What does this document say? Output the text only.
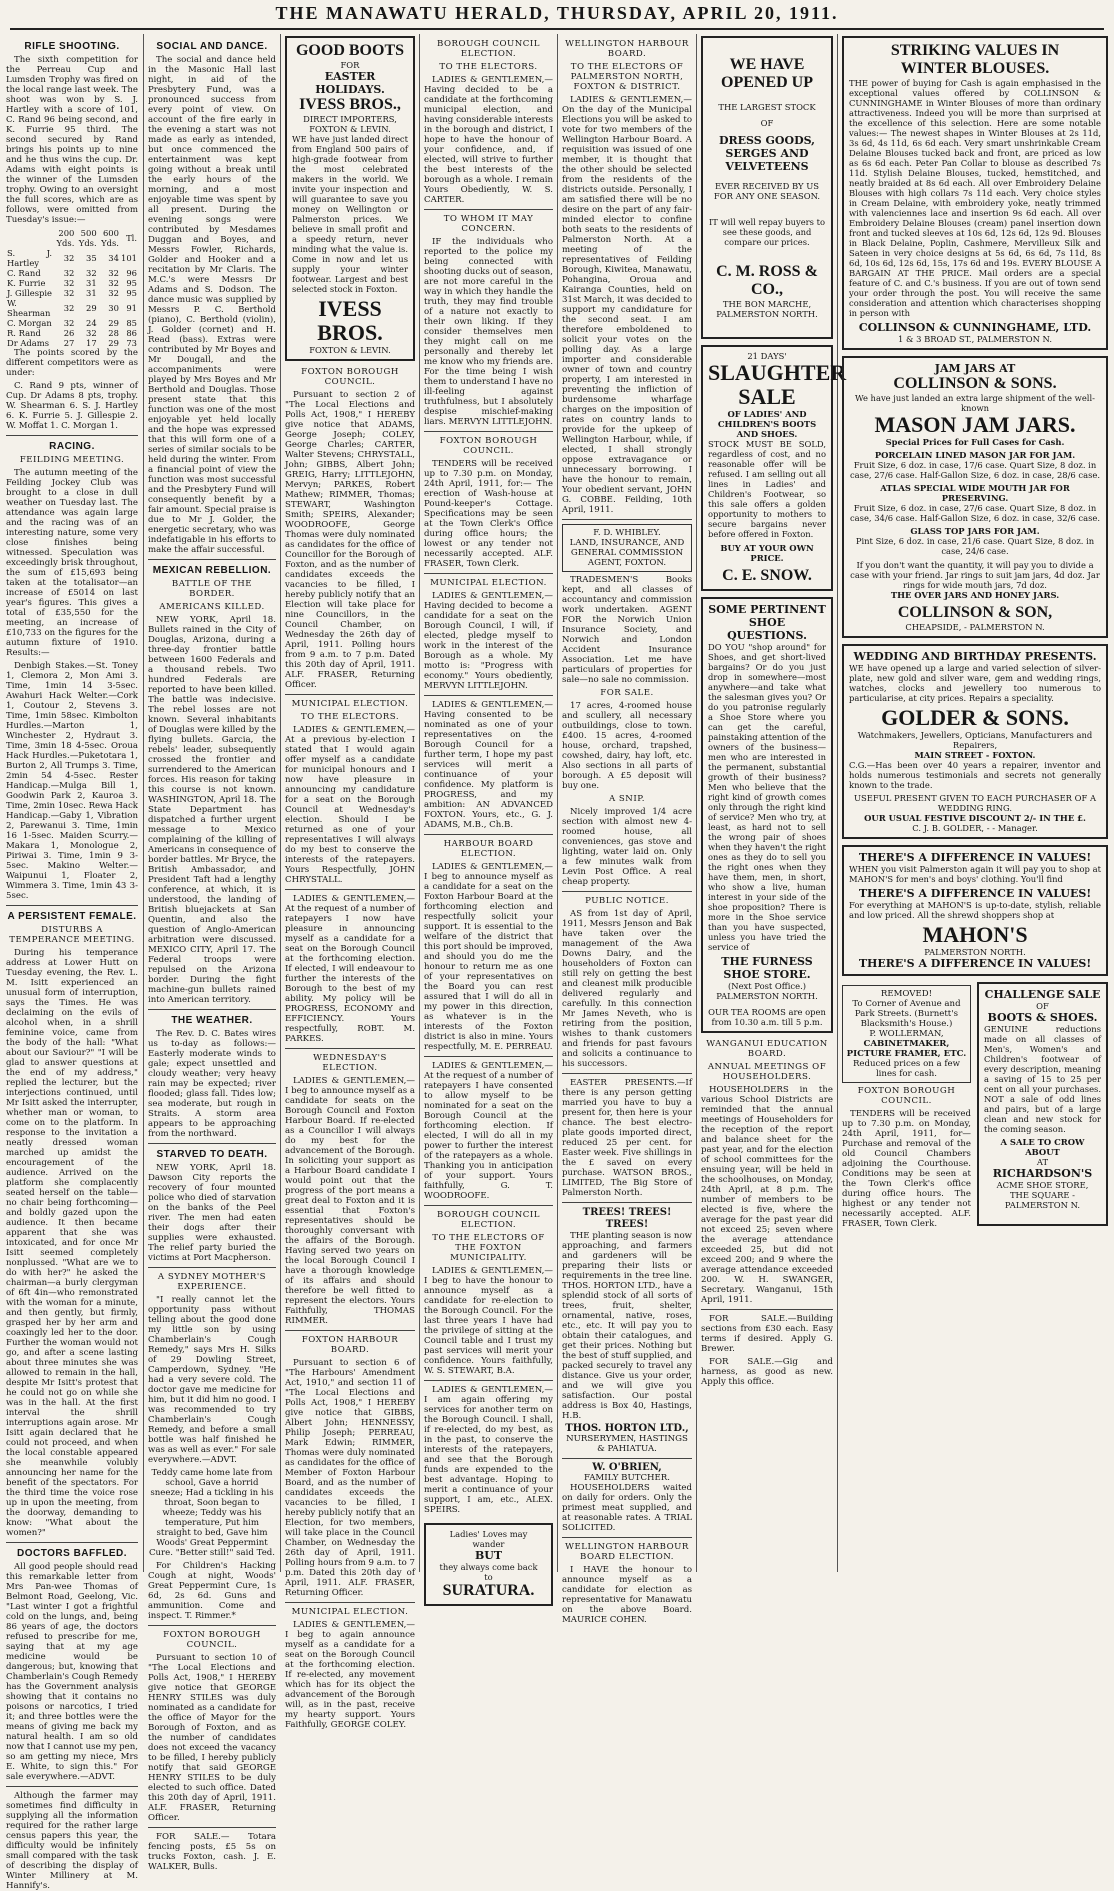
THE MANAWATU HERALD, THURSDAY, APRIL 20, 1911.
RIFLE SHOOTING.

The sixth competition for the Perreau Cup and Lumsden Trophy was fired on the local range last week. The shoot was won by S. J. Hartley with a score of 101, C. Rand 96 being second, and K. Furrie 95 third. The second secured by Rand brings his points up to nine and he thus wins the cup. Dr. Adams with eight points is the winner of the Lumsden trophy. Owing to an oversight the full scores, which are as follows, were omitted from Tuesday's issue:—

	200 Yds.	500 Yds.	600 Yds.	Tl.
S. J. Hartley	32	35	34	101
C. Rand	32	32	32	96
K. Furrie	32	31	32	95
J. Gillespie	32	31	32	95
W. Shearman	32	29	30	91
C. Morgan	32	24	29	85
R. Rand	26	32	28	86
Dr Adams	27	17	29	73

The points scored by the different competitors were as under:

C. Rand 9 pts, winner of Cup. Dr Adams 8 pts, trophy. W. Shearman 6. S. J. Hartley 6. K. Furrie 5. J. Gillespie 2. W. Moffat 1. C. Morgan 1.

RACING.
FEILDING MEETING.

The autumn meeting of the Feilding Jockey Club was brought to a close in dull weather on Tuesday last. The attendance was again large and the racing was of an interesting nature, some very close finishes being witnessed. Speculation was exceedingly brisk throughout, the sum of £15,693 being taken at the totalisator—an increase of £5014 on last year's figures. This gives a total of £35,550 for the meeting, an increase of £10,733 on the figures for the autumn fixture of 1910. Results:—

Denbigh Stakes.—St. Toney 1, Clemora 2, Mon Ami 3. Time, 1min 14 3-5sec. Awahuri Hack Welter.—Cork 1, Coutour 2, Stevens 3. Time, 1min 58sec. Kimbolton Hurdles.—Marton 1, Winchester 2, Hydraut 3. Time, 3min 18 4-5sec. Oroua Hack Hurdles.—Puketotara 1, Burton 2, All Trumps 3. Time, 2min 54 4-5sec. Rester Handicap.—Mulga Bill 1, Goodwin Park 2, Kauroa 3. Time, 2min 10sec. Rewa Hack Handicap.—Gaby 1, Vibration 2, Parewanui 3. Time, 1min 16 1-5sec. Maiden Scurry.—Makara 1, Monologue 2, Piriwai 3. Time, 1min 9 3-5sec. Makino Welter.—Waipunui 1, Floater 2, Wimmera 3. Time, 1min 43 3-5sec.

A PERSISTENT FEMALE.
DISTURBS A TEMPERANCE MEETING.

During his temperance address at Lower Hutt on Tuesday evening, the Rev. L. M. Isitt experienced an unusual form of interruption, says the Times. He was declaiming on the evils of alcohol when, in a shrill feminine voice, came from the body of the hall: "What about our Saviour?" "I will be glad to answer questions at the end of my address," replied the lecturer, but the interjections continued, until Mr Isitt asked the interrupter, whether man or woman, to come on to the platform. In response to the invitation a neatly dressed woman marched up amidst the encouragement of the audience. Arrived on the platform she complacently seated herself on the table—no chair being forthcoming—and boldly gazed upon the audience. It then became apparent that she was intoxicated, and for once Mr Isitt seemed completely nonplussed. "What are we to do with her?" he asked the chairman—a burly clergyman of 6ft 4in—who remonstrated with the woman for a minute, and then gently, but firmly, grasped her by her arm and coaxingly led her to the door. Further the woman would not go, and after a scene lasting about three minutes she was allowed to remain in the hall, despite Mr Isitt's protest that he could not go on while she was in the hall. At the first interval the shrill interruptions again arose. Mr Isitt again declared that he could not proceed, and when the local constable appeared she meanwhile volubly announcing her name for the benefit of the spectators. For the third time the voice rose up in upon the meeting, from the doorway, demanding to know: "What about the women?"

DOCTORS BAFFLED.

All good people should read this remarkable letter from Mrs Pan-wee Thomas of Belmont Road, Geelong, Vic. "Last winter I got a frightful cold on the lungs, and, being 86 years of age, the doctors refused to prescribe for me, saying that at my age medicine would be dangerous; but, knowing that Chamberlain's Cough Remedy has the Government analysis showing that it contains no poisons or narcotics, I tried it; and three bottles were the means of giving me back my natural health. I am so old now that I cannot use my pen, so am getting my niece, Mrs E. White, to sign this." For sale everywhere.—ADVT.

Although the farmer may sometimes find difficulty in supplying all the information required for the rather large census papers this year, the difficulty would be infinitely small compared with the task of describing the display of Winter Millinery at M. Hannify's.

SOCIAL AND DANCE.

The social and dance held in the Masonic Hall last night, in aid of the Presbytery Fund, was a pronounced success from every point of view. On account of the fire early in the evening a start was not made as early as intended, but once commenced the entertainment was kept going without a break until the early hours of the morning, and a most enjoyable time was spent by all present. During the evening songs were contributed by Mesdames Duggan and Boyes, and Messrs Fowler, Richards, Golder and Hooker and a recitation by Mr Claris. The M.C.'s were Messrs Dr Adams and S. Dodson. The dance music was supplied by Messrs P. C. Berthold (piano), C. Berthold (violin), J. Golder (cornet) and H. Read (bass). Extras were contributed by Mr Boyes and Mr Dougall, and the accompaniments were played by Mrs Boyes and Mr Berthold and Douglas. Those present state that this function was one of the most enjoyable yet held locally and the hope was expressed that this will form one of a series of similar socials to be held during the winter. From a financial point of view the function was most successful and the Presbytery Fund will consequently benefit by a fair amount. Special praise is due to Mr J. Golder, the energetic secretary, who was indefatigable in his efforts to make the affair successful.

MEXICAN REBELLION.
BATTLE OF THE BORDER.
AMERICANS KILLED.

NEW YORK, April 18. Bullets rained in the City of Douglas, Arizona, during a three-day frontier battle between 1600 Federals and a thousand rebels. Two hundred Federals are reported to have been killed. The battle was indecisive. The rebel losses are not known. Several inhabitants of Douglas were killed by the flying bullets. Garcia, the rebels' leader, subsequently crossed the frontier and surrendered to the American forces. His reason for taking this course is not known. WASHINGTON, April 18. The State Department has dispatched a further urgent message to Mexico complaining of the killing of Americans in consequence of border battles. Mr Bryce, the British Ambassador, and President Taft had a lengthy conference, at which, it is understood, the landing of British bluejackets at San Quentin, and also the question of Anglo-American arbitration were discussed. MEXICO CITY, April 17. The Federal troops were repulsed on the Arizona border. During the fight machine-gun bullets rained into American territory.

THE WEATHER.

The Rev. D. C. Bates wires us to-day as follows:— Easterly moderate winds to gale; expect unsettled and cloudy weather; very heavy rain may be expected; river flooded; glass fall. Tides low; sea moderate, but rough in Straits. A storm area appears to be approaching from the northward.

STARVED TO DEATH.

NEW YORK, April 18. Dawson City reports the recovery of four mounted police who died of starvation on the banks of the Peel river. The men had eaten their dogs after their supplies were exhausted. The relief party buried the victims at Port Macpherson.

A SYDNEY MOTHER'S EXPERIENCE.

"I really cannot let the opportunity pass without telling about the good done my little son by using Chamberlain's Cough Remedy," says Mrs H. Silks of 29 Dowling Street, Camperdown, Sydney. "He had a very severe cold. The doctor gave me medicine for him, but it did him no good. I was recommended to try Chamberlain's Cough Remedy, and before a small bottle was half finished he was as well as ever." For sale everywhere.—ADVT.

Teddy came home late from school, Gave a horrid sneeze; Had a tickling in his throat, Soon began to wheeze; Teddy was his temperature, Put him straight to bed, Gave him Woods' Great Peppermint Cure. "Better still!" said Ted.

For Children's Hacking Cough at night, Woods' Great Peppermint Cure, 1s 6d, 2s 6d. Guns and ammunition. Come and inspect. T. Rimmer.*

FOXTON BOROUGH COUNCIL.

Pursuant to section 10 of "The Local Elections and Polls Act, 1908," I HEREBY give notice that GEORGE HENRY STILES was duly nominated as a candidate for the office of Mayor for the Borough of Foxton, and as the number of candidates does not exceed the vacancy to be filled, I hereby publicly notify that said GEORGE HENRY STILES to be duly elected to such office. Dated this 20th day of April, 1911. ALF. FRASER, Returning Officer.

FOR SALE.— Totara fencing posts, £5 5s on trucks Foxton, cash. J. E. WALKER, Bulls.

GOOD BOOTS
FOR
EASTER HOLIDAYS.
IVESS BROS.,
DIRECT IMPORTERS, FOXTON & LEVIN.

WE have just landed direct from England 500 pairs of high-grade footwear from the most celebrated makers in the world. We invite your inspection and will guarantee to save you money on Wellington or Palmerston prices. We believe in small profit and a speedy return, never minding what the value is. Come in now and let us supply your winter footwear. Largest and best selected stock in Foxton.

IVESS BROS.
FOXTON & LEVIN.
FOXTON BOROUGH COUNCIL.

Pursuant to section 2 of "The Local Elections and Polls Act, 1908," I HEREBY give notice that ADAMS, George Joseph; COLEY, George Charles; CARTER, Walter Stevens; CHRYSTALL, John; GIBBS, Albert John; GREIG, Harry; LITTLEJOHN, Mervyn; PARKES, Robert Mathew; RIMMER, Thomas; STEWART, Washington Smith; SPEIRS, Alexander; WOODROOFE, George Thomas were duly nominated as candidates for the office of Councillor for the Borough of Foxton, and as the number of candidates exceeds the vacancies to be filled, I hereby publicly notify that an Election will take place for nine Councillors, in the Council Chamber, on Wednesday the 26th day of April, 1911. Polling hours from 9 a.m. to 7 p.m. Dated this 20th day of April, 1911. ALF. FRASER, Returning Officer.

MUNICIPAL ELECTION.
TO THE ELECTORS.

LADIES & GENTLEMEN,— At a previous by-election I stated that I would again offer myself as a candidate for municipal honours and I now have pleasure in announcing my candidature for a seat on the Borough Council at Wednesday's election. Should I be returned as one of your representatives I will always do my best to conserve the interests of the ratepayers. Yours Respectfully, JOHN CHRYSTALL.

LADIES & GENTLEMEN,— At the request of a number of ratepayers I now have pleasure in announcing myself as a candidate for a seat on the Borough Council at the forthcoming election. If elected, I will endeavour to further the interests of the Borough to the best of my ability. My policy will be PROGRESS, ECONOMY and EFFICIENCY. Yours respectfully, ROBT. M. PARKES.

WEDNESDAY'S ELECTION.

LADIES & GENTLEMEN,— I beg to announce myself as a candidate for seats on the Borough Council and Foxton Harbour Board. If re-elected as a Councillor I will always do my best for the advancement of the Borough. In soliciting your support as a Harbour Board candidate I would point out that the progress of the port means a great deal to Foxton and it is essential that Foxton's representatives should be thoroughly conversant with the affairs of the Borough. Having served two years on the local Borough Council I have a thorough knowledge of its affairs and should therefore be well fitted to represent the electors. Yours Faithfully, THOMAS RIMMER.

FOXTON HARBOUR BOARD.

Pursuant to section 6 of "The Harbours' Amendment Act, 1910," and section 11 of "The Local Elections and Polls Act, 1908," I HEREBY give notice that GIBBS, Albert John; HENNESSY, Philip Joseph; PERREAU, Mark Edwin; RIMMER, Thomas were duly nominated as candidates for the office of Member of Foxton Harbour Board, and as the number of candidates exceeds the vacancies to be filled, I hereby publicly notify that an Election, for two members, will take place in the Council Chamber, on Wednesday the 26th day of April, 1911. Polling hours from 9 a.m. to 7 p.m. Dated this 20th day of April, 1911. ALF. FRASER, Returning Officer.

MUNICIPAL ELECTION.

LADIES & GENTLEMEN,— I beg to again announce myself as a candidate for a seat on the Borough Council at the forthcoming election. If re-elected, any movement which has for its object the advancement of the Borough will, as in the past, receive my hearty support. Yours Faithfully, GEORGE COLEY.

BOROUGH COUNCIL ELECTION.
TO THE ELECTORS.

LADIES & GENTLEMEN,— Having decided to be a candidate at the forthcoming municipal election, and having considerable interests in the borough and district, I hope to have the honour of your confidence, and, if elected, will strive to further the best interests of the borough as a whole. I remain Yours Obediently, W. S. CARTER.

TO WHOM IT MAY CONCERN.

IF the individuals who reported to the police my being connected with shooting ducks out of season, are not more careful in the way in which they handle the truth, they may find trouble of a nature not exactly to their own liking. If they consider themselves men they might call on me personally and thereby let me know who my friends are. For the time being I wish them to understand I have no ill-feeling against truthfulness, but I absolutely despise mischief-making liars. MERVYN LITTLEJOHN.

FOXTON BOROUGH COUNCIL.

TENDERS will be received up to 7.30 p.m. on Monday, 24th April, 1911, for:— The erection of Wash-house at Pound-keeper's Cottage. Specifications may be seen at the Town Clerk's Office during office hours; the lowest or any tender not necessarily accepted. ALF. FRASER, Town Clerk.

MUNICIPAL ELECTION.

LADIES & GENTLEMEN,— Having decided to become a candidate for a seat on the Borough Council, I will, if elected, pledge myself to work in the interest of the Borough as a whole. My motto is: "Progress with economy." Yours obediently, MERVYN LITTLEJOHN.

LADIES & GENTLEMEN,— Having consented to be nominated as one of your representatives on the Borough Council for a further term, I hope my past services will merit a continuance of your confidence. My platform is PROGRESS, and my ambition: AN ADVANCED FOXTON. Yours, etc., G. J. ADAMS, M.B., Ch.B.

HARBOUR BOARD ELECTION.

LADIES & GENTLEMEN,— I beg to announce myself as a candidate for a seat on the Foxton Harbour Board at the forthcoming election and respectfully solicit your support. It is essential to the welfare of the district that this port should be improved, and should you do me the honour to return me as one of your representatives on the Board you can rest assured that I will do all in my power in this direction, as whatever is in the interests of the Foxton district is also in mine. Yours respectfully, M. E. PERREAU.

LADIES & GENTLEMEN,— At the request of a number of ratepayers I have consented to allow myself to be nominated for a seat on the Borough Council at the forthcoming election. If elected, I will do all in my power to further the interest of the ratepayers as a whole. Thanking you in anticipation of your support. Yours faithfully, G. T. WOODROOFE.

BOROUGH COUNCIL ELECTION.
TO THE ELECTORS OF THE FOXTON MUNICIPALITY.

LADIES & GENTLEMEN,— I beg to have the honour to announce myself as a candidate for re-election to the Borough Council. For the last three years I have had the privilege of sitting at the Council table and I trust my past services will merit your confidence. Yours faithfully, W. S. STEWART, B.A.

LADIES & GENTLEMEN,— I am again offering my services for another term on the Borough Council. I shall, if re-elected, do my best, as in the past, to conserve the interests of the ratepayers, and see that the Borough funds are expended to the best advantage. Hoping to merit a continuance of your support, I am, etc., ALEX. SPEIRS.

Ladies' Loves may
wander
BUT
they always come back
to
SURATURA.
WELLINGTON HARBOUR BOARD.
TO THE ELECTORS OF PALMERSTON NORTH, FOXTON & DISTRICT.

LADIES & GENTLEMEN,— On the day of the Municipal Elections you will be asked to vote for two members of the Wellington Harbour Board. A requisition was issued of one member, it is thought that the other should be selected from the residents of the districts outside. Personally, I am satisfied there will be no desire on the part of any fair-minded elector to confine both seats to the residents of Palmerston North. At a meeting of the representatives of Feilding Borough, Kiwitea, Manawatu, Pohangina, Oroua and Kairanga Counties, held on 31st March, it was decided to support my candidature for the second seat. I am therefore emboldened to solicit your votes on the polling day. As a large importer and considerable owner of town and country property, I am interested in preventing the infliction of burdensome wharfage charges on the imposition of rates on country lands to provide for the upkeep of Wellington Harbour, while, if elected, I shall strongly oppose extravagance or unnecessary borrowing. I have the honour to remain, Your obedient servant, JOHN G. COBBE. Feilding, 10th April, 1911.

F. D. WHIBLEY.
LAND, INSURANCE, AND GENERAL COMMISSION AGENT, FOXTON.

TRADESMEN'S Books kept, and all classes of accountancy and commission work undertaken. AGENT FOR the Norwich Union Insurance Society, and Norwich and London Accident Insurance Association. Let me have particulars of properties for sale—no sale no commission.

FOR SALE.

17 acres, 4-roomed house and scullery, all necessary outbuildings, close to town. £400. 15 acres, 4-roomed house, orchard, trapshed, cowshed, dairy, hay loft, etc. Also sections in all parts of borough. A £5 deposit will buy one.

A SNIP.

Nicely improved 1/4 acre section with almost new 4-roomed house, all conveniences, gas stove and lighting, water laid on. Only a few minutes walk from Levin Post Office. A real cheap property.

PUBLIC NOTICE.

AS from 1st day of April, 1911, Messrs Jenson and Bak have taken over the management of the Awa Downs Dairy, and the householders of Foxton can still rely on getting the best and cleanest milk producible delivered regularly and carefully. In this connection Mr James Neveth, who is retiring from the position, wishes to thank customers and friends for past favours and solicits a continuance to his successors.

EASTER PRESENTS.—If there is any person getting married you have to buy a present for, then here is your chance. The best electro-plate goods imported direct, reduced 25 per cent. for Easter week. Five shillings in the £ saved on every purchase. WATSON BROS., LIMITED, The Big Store of Palmerston North.

TREES! TREES! TREES!

THE planting season is now approaching, and farmers and gardeners will be preparing their lists or requirements in the tree line. THOS. HORTON LTD., have a splendid stock of all sorts of trees, fruit, shelter, ornamental, native, roses, etc., etc. It will pay you to obtain their catalogues, and get their prices. Nothing but the best of stuff supplied, and packed securely to travel any distance. Give us your order, and we will give you satisfaction. Our postal address is Box 40, Hastings, H.B.

THOS. HORTON LTD.,
NURSERYMEN, HASTINGS & PAHIATUA.
W. O'BRIEN,
FAMILY BUTCHER.

HOUSEHOLDERS waited on daily for orders. Only the primest meat supplied, and at reasonable rates. A TRIAL SOLICITED.

WELLINGTON HARBOUR BOARD ELECTION.

I HAVE the honour to announce myself as a candidate for election as representative for Manawatu on the above Board. MAURICE COHEN.

WE HAVE
OPENED UP
THE LARGEST STOCK
OF
DRESS GOODS,
SERGES AND
VELVETEENS
EVER RECEIVED BY US FOR ANY ONE SEASON.
IT will well repay buyers to see these goods, and compare our prices.
C. M. ROSS & CO.,
THE BON MARCHE,
PALMERSTON NORTH.
21 DAYS'
SLAUGHTER
SALE
OF LADIES' AND CHILDREN'S BOOTS AND SHOES.

STOCK MUST BE SOLD, regardless of cost, and no reasonable offer will be refused. I am selling out all lines in Ladies' and Children's Footwear, so this sale offers a golden opportunity to mothers to secure bargains never before offered in Foxton.

BUY AT YOUR OWN PRICE.
C. E. SNOW.
SOME PERTINENT SHOE QUESTIONS.

DO YOU "shop around" for Shoes, and get short-lived bargains? Or do you just drop in somewhere—most anywhere—and take what the salesman gives you? Or do you patronise regularly a Shoe Store where you can get the careful, painstaking attention of the owners of the business—men who are interested in the permanent, substantial growth of their business? Men who believe that the right kind of growth comes only through the right kind of service? Men who try, at least, as hard not to sell the wrong pair of shoes when they haven't the right ones as they do to sell you the right ones when they have them, men, in short, who show a live, human interest in your side of the shoe proposition? There is more in the Shoe service than you have suspected, unless you have tried the service of

THE FURNESS SHOE STORE.
(Next Post Office.) PALMERSTON NORTH.
OUR TEA ROOMS are open from 10.30 a.m. till 5 p.m.
WANGANUI EDUCATION BOARD.
ANNUAL MEETINGS OF HOUSEHOLDERS.

HOUSEHOLDERS in the various School Districts are reminded that the annual meetings of Householders for the reception of the report and balance sheet for the past year, and for the election of school committees for the ensuing year, will be held in the schoolhouses, on Monday, 24th April, at 8 p.m. The number of members to be elected is five, where the average for the past year did not exceed 25; seven where the average attendance exceeded 25, but did not exceed 200; and 9 where the average attendance exceeded 200. W. H. SWANGER, Secretary. Wanganui, 15th April, 1911.

FOR SALE.—Building sections from £30 each. Easy terms if desired. Apply G. Brewer.

FOR SALE.—Gig and harness, as good as new. Apply this office.

STRIKING VALUES IN
WINTER BLOUSES.

THE power of buying for Cash is again emphasised in the exceptional values offered by COLLINSON & CUNNINGHAME in Winter Blouses of more than ordinary attractiveness. Indeed you will be more than surprised at the excellence of this selection. Here are some notable values:— The newest shapes in Winter Blouses at 2s 11d, 3s 6d, 4s 11d, 6s 6d each. Very smart unshrinkable Cream Delaine Blouses tucked back and front, are priced as low as 6s 6d each. Peter Pan Collar to blouse as described 7s 11d. Stylish Delaine Blouses, tucked, hemstitched, and neatly braided at 8s 6d each. All over Embroidery Delaine Blouses with high collars 7s 11d each. Very choice styles in Cream Delaine, with embroidery yoke, neatly trimmed with valenciennes lace and insertion 9s 6d each. All over Embroidery Delaine Blouses (cream) panel insertion down front and tucked sleeves at 10s 6d, 12s 6d, 12s 9d. Blouses in Black Delaine, Poplin, Cashmere, Mervilleux Silk and Sateen in very choice designs at 5s 6d, 6s 6d, 7s 11d, 8s 6d, 10s 6d, 12s 6d, 15s, 17s 6d and 19s. EVERY BLOUSE A BARGAIN AT THE PRICE. Mail orders are a special feature of C. and C.'s business. If you are out of town send your order through the post. You will receive the same consideration and attention which characterises shopping in person with

COLLINSON & CUNNINGHAME, LTD.
1 & 3 BROAD ST., PALMERSTON N.
JAM JARS AT
COLLINSON & SONS.
We have just landed an extra large shipment of the well-known
MASON JAM JARS.
Special Prices for Full Cases for Cash.
PORCELAIN LINED MASON JAR FOR JAM.
Fruit Size, 6 doz. in case, 17/6 case. Quart Size, 8 doz. in case, 27/6 case. Half-Gallon Size, 6 doz. in case, 28/6 case.
ATLAS SPECIAL WIDE MOUTH JAR FOR PRESERVING.
Fruit Size, 6 doz. in case, 27/6 case. Quart Size, 8 doz. in case, 34/6 case. Half-Gallon Size, 6 doz. in case, 32/6 case.
GLASS TOP JARS FOR JAM.
Pint Size, 6 doz. in case, 21/6 case. Quart Size, 8 doz. in case, 24/6 case.
If you don't want the quantity, it will pay you to divide a case with your friend. Jar rings to suit jam jars, 4d doz. Jar rings for wide mouth jars, 7d doz.
THE OVER JARS AND HONEY JARS.
COLLINSON & SON,
CHEAPSIDE, - PALMERSTON N.
WEDDING AND BIRTHDAY PRESENTS.

WE have opened up a large and varied selection of silver-plate, new gold and silver ware, gem and wedding rings, watches, clocks and jewellery too numerous to particularise, at city prices. Repairs a speciality.

GOLDER & SONS.
Watchmakers, Jewellers, Opticians, Manufacturers and Repairers,
MAIN STREET - FOXTON.

C.G.—Has been over 40 years a repairer, inventor and holds numerous testimonials and secrets not generally known to the trade.

USEFUL PRESENT GIVEN TO EACH PURCHASER OF A WEDDING RING.
OUR USUAL FESTIVE DISCOUNT 2/- IN THE £.
C. J. B. GOLDER, - - Manager.
THERE'S A DIFFERENCE IN VALUES!

WHEN you visit Palmerston again it will pay you to shop at MAHON'S for men's and boys' clothing. You'll find

THERE'S A DIFFERENCE IN VALUES!

For everything at MAHON'S is up-to-date, stylish, reliable and low priced. All the shrewd shoppers shop at

MAHON'S
PALMERSTON NORTH.
THERE'S A DIFFERENCE IN VALUES!
REMOVED!
To Corner of Avenue and Park Streets. (Burnett's Blacksmith's House.)
P. WOLLERMAN,
CABINETMAKER, PICTURE FRAMER, ETC.
Reduced prices on a few lines for cash.
FOXTON BOROUGH COUNCIL.

TENDERS will be received up to 7.30 p.m. on Monday, 24th April, 1911, for— Purchase and removal of the old Council Chambers adjoining the Courthouse. Conditions may be seen at the Town Clerk's office during office hours. The highest or any tender not necessarily accepted. ALF. FRASER, Town Clerk.

CHALLENGE SALE
OF
BOOTS & SHOES.

GENUINE reductions made on all classes of Men's, Women's and Children's footwear of every description, meaning a saving of 15 to 25 per cent on all your purchases. NOT a sale of odd lines and pairs, but of a large clean and new stock for the coming season.

A SALE TO CROW ABOUT
AT
RICHARDSON'S
ACME SHOE STORE,
THE SQUARE - PALMERSTON N.
